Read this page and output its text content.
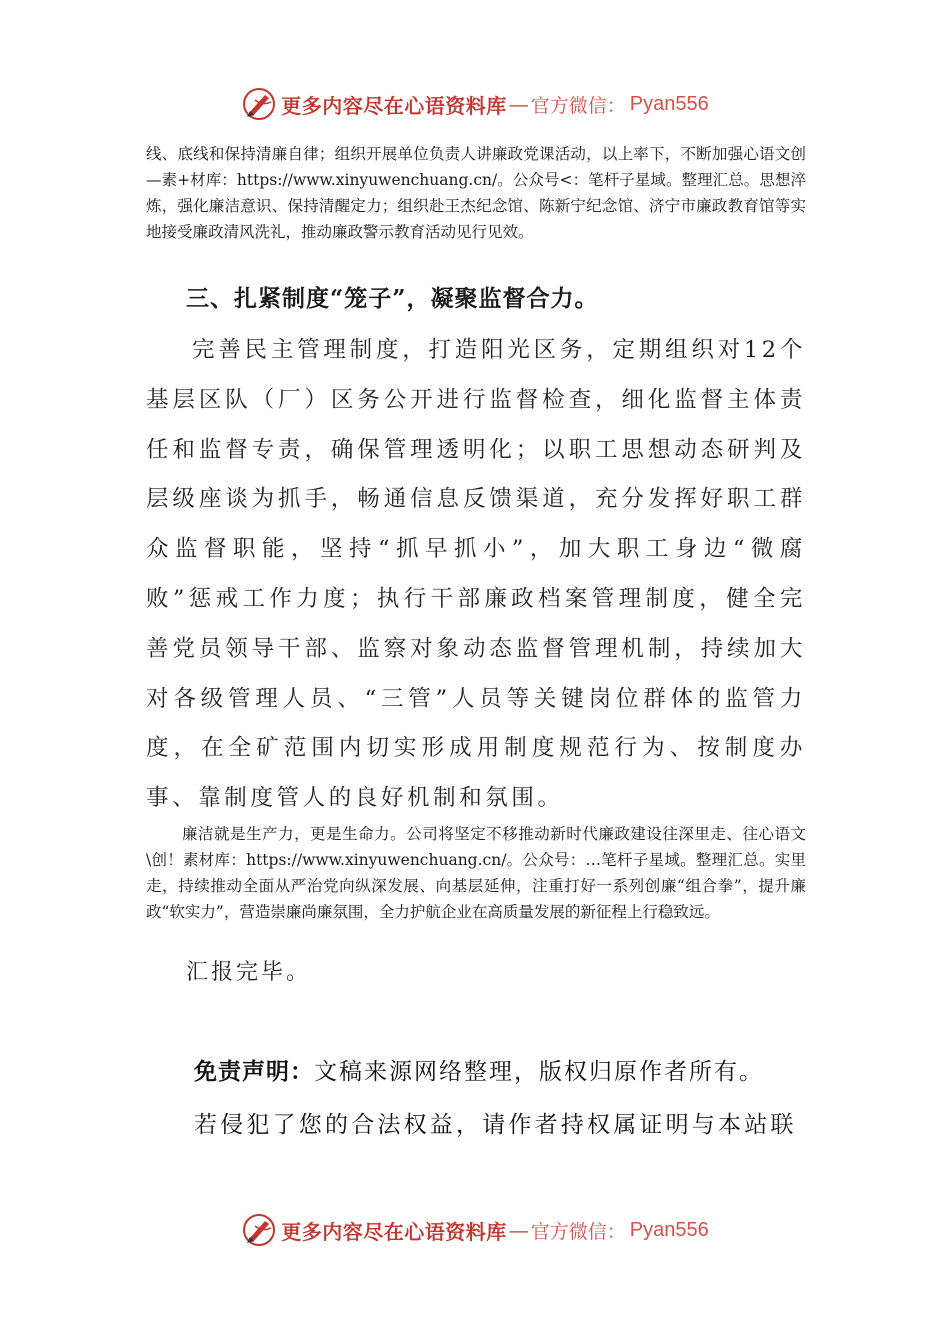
更多内容尽在心语资料库 — 官方微信： Pyan556
线、底线和保持清廉自律；组织开展单位负责人讲廉政党课活动，以上率下，不断加强心语文创—素+材库：https://www.xinyuwenchuang.cn/。公众号<：笔杆子星域。整理汇总。思想淬炼，强化廉洁意识、保持清醒定力；组织赴王杰纪念馆、陈新宁纪念馆、济宁市廉政教育馆等实地接受廉政清风洗礼，推动廉政警示教育活动见行见效。
三、扎紧制度“笼子”，凝聚监督合力。
完善民主管理制度，打造阳光区务，定期组织对12个基层区队（厂）区务公开进行监督检查，细化监督主体责任和监督专责，确保管理透明化；以职工思想动态研判及层级座谈为抓手，畅通信息反馈渠道，充分发挥好职工群众监督职能，坚持“抓早抓小”，加大职工身边“微腐败”惩戒工作力度；执行干部廉政档案管理制度，健全完善党员领导干部、监察对象动态监督管理机制，持续加大对各级管理人员、“三管”人员等关键岗位群体的监管力度，在全矿范围内切实形成用制度规范行为、按制度办事、靠制度管人的良好机制和氛围。
廉洁就是生产力，更是生命力。公司将坚定不移推动新时代廉政建设往深里走、往心语文\创！素材库：https://www.xinyuwenchuang.cn/。公众号：…笔杆子星域。整理汇总。实里走，持续推动全面从严治党向纵深发展、向基层延伸，注重打好一系列创廉“组合拳”，提升廉政“软实力”，营造崇廉尚廉氛围，全力护航企业在高质量发展的新征程上行稳致远。
汇报完毕。
免责声明：文稿来源网络整理，版权归原作者所有。
若侵犯了您的合法权益，请作者持权属证明与本站联
更多内容尽在心语资料库 — 官方微信： Pyan556
